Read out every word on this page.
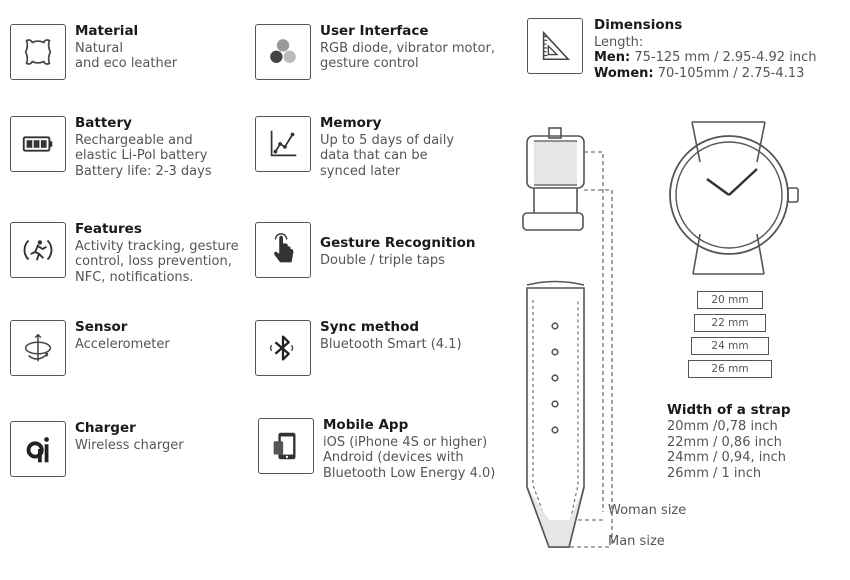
Material
Natural
and eco leather
Battery
Rechargeable and
elastic Li-Pol battery
Battery life: 2-3 days
Features
Activity tracking, gesture
control, loss prevention,
NFC, notifications.
Sensor
Accelerometer
Charger
Wireless charger
User Interface
RGB diode, vibrator motor,
gesture control
Memory
Up to 5 days of daily
data that can be
synced later
Gesture Recognition
Double / triple taps
Sync method
Bluetooth Smart (4.1)
Mobile App
iOS (iPhone 4S or higher)
Android (devices with
Bluetooth Low Energy 4.0)
Dimensions
Length:
Men: 75-125 mm / 2.95-4.92 inch
Women: 70-105mm / 2.75-4.13
20 mm
22 mm
24 mm
26 mm
Width of a strap
20mm /0,78 inch
22mm / 0,86 inch
24mm / 0,94, inch
26mm / 1 inch
Woman size
Man size
